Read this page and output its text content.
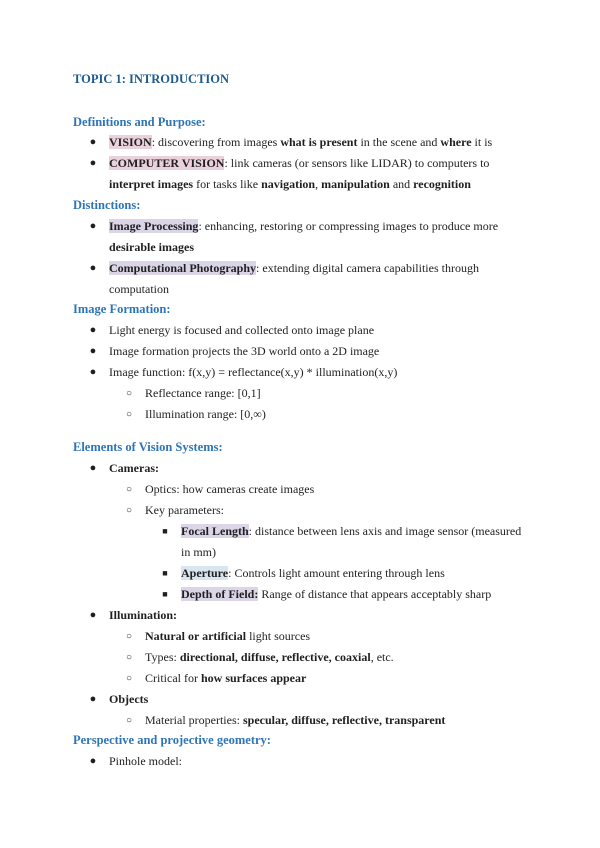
TOPIC 1: INTRODUCTION
Definitions and Purpose:
●	VISION: discovering from images what is present in the scene and where it is
●	COMPUTER VISION: link cameras (or sensors like LIDAR) to computers to
interpret images for tasks like navigation, manipulation and recognition
Distinctions:
●	Image Processing: enhancing, restoring or compressing images to produce more
desirable images
●	Computational Photography: extending digital camera capabilities through
computation
Image Formation:
●	Light energy is focused and collected onto image plane
●	Image formation projects the 3D world onto a 2D image
●	Image function: f(x,y) = reflectance(x,y) * illumination(x,y)
○	Reflectance range: [0,1]
○	Illumination range: [0,∞)
Elements of Vision Systems:
●	Cameras:
○	Optics: how cameras create images
○	Key parameters:
■	Focal Length: distance between lens axis and image sensor (measured
in mm)
■	Aperture: Controls light amount entering through lens
■	Depth of Field: Range of distance that appears acceptably sharp
●	Illumination:
○	Natural or artificial light sources
○	Types: directional, diffuse, reflective, coaxial, etc.
○	Critical for how surfaces appear
●	Objects
○	Material properties: specular, diffuse, reflective, transparent
Perspective and projective geometry:
●	Pinhole model:
